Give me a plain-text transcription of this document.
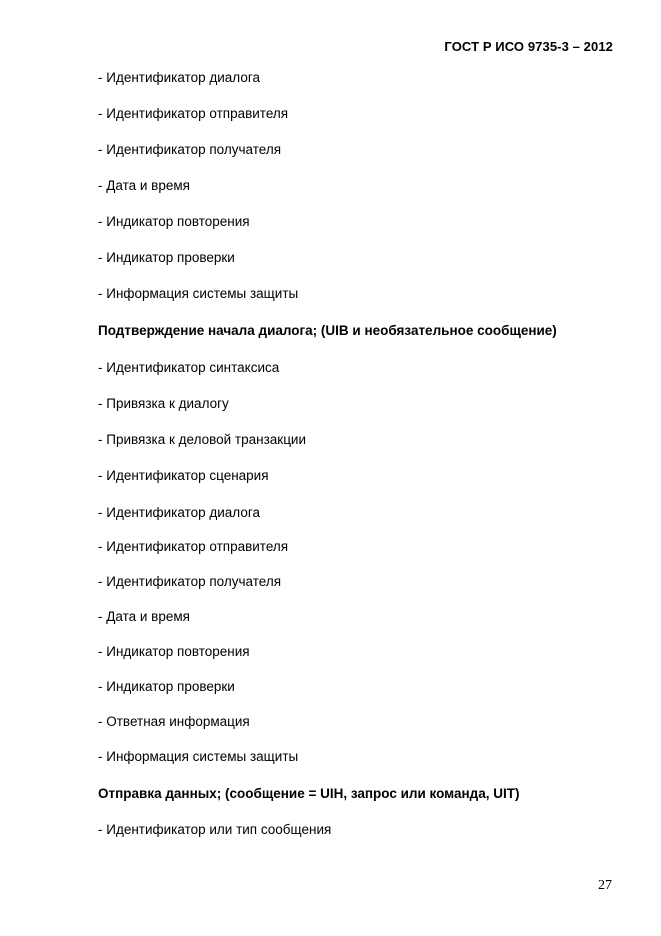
ГОСТ Р ИСО 9735-3 – 2012
- Идентификатор диалога
- Идентификатор отправителя
- Идентификатор получателя
- Дата и время
- Индикатор повторения
- Индикатор проверки
- Информация системы защиты
Подтверждение начала диалога; (UIB и необязательное сообщение)
- Идентификатор синтаксиса
- Привязка к диалогу
- Привязка к деловой транзакции
- Идентификатор сценария
- Идентификатор диалога
- Идентификатор отправителя
- Идентификатор получателя
- Дата и время
- Индикатор повторения
- Индикатор проверки
- Ответная информация
- Информация системы защиты
Отправка данных; (сообщение = UIH, запрос или команда, UIT)
- Идентификатор или тип сообщения
27
